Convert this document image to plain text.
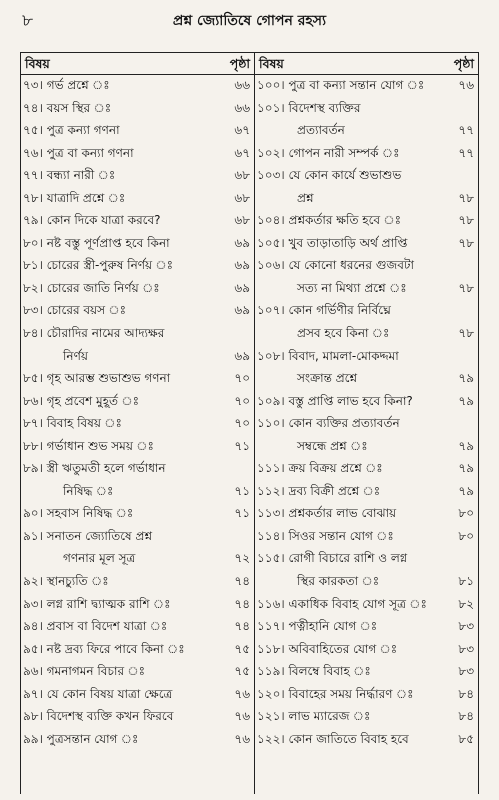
৮	প্রশ্ন জ্যোতিষে গোপন রহস্য
বিষয়	পৃষ্ঠা
৭৩। গর্ভ প্রশ্নে ঃ	৬৬
৭৪। বয়স স্থির ঃ	৬৬
৭৫। পুত্র কন্যা গণনা	৬৭
৭৬। পুত্র বা কন্যা গণনা	৬৭
৭৭। বন্ধ্যা নারী ঃ	৬৮
৭৮। যাত্রাদি প্রশ্নে ঃ	৬৮
৭৯। কোন দিকে যাত্রা করবে?	৬৮
৮০। নষ্ট বস্তু পূর্ণপ্রাপ্ত হবে কিনা	৬৯
৮১। চোরের স্ত্রী-পুরুষ নির্ণয় ঃ	৬৯
৮২। চোরের জাতি নির্ণয় ঃ	৬৯
৮৩। চোরের বয়স ঃ	৬৯
৮৪। চৌরাদির নামের আদ্যক্ষর
নির্ণয়	৬৯
৮৫। গৃহ আরম্ভ শুভাশুভ গণনা	৭০
৮৬। গৃহ প্রবেশ মুহূর্ত ঃ	৭০
৮৭। বিবাহ বিষয় ঃ	৭০
৮৮। গর্ভাধান শুভ সময় ঃ	৭১
৮৯। স্ত্রী ঋতুমতী হলে গর্ভাধান
নিষিদ্ধ ঃ	৭১
৯০। সহবাস নিষিদ্ধ ঃ	৭১
৯১। সনাতন জ্যোতিষে প্রশ্ন
গণনার মূল সূত্র	৭২
৯২। স্থানচ্যুতি ঃ	৭৪
৯৩। লগ্ন রাশি দ্ব্যাত্মক রাশি ঃ	৭৪
৯৪। প্রবাস বা বিদেশ যাত্রা ঃ	৭৪
৯৫। নষ্ট দ্রব্য ফিরে পাবে কিনা ঃ	৭৫
৯৬। গমনাগমন বিচার ঃ	৭৫
৯৭। যে কোন বিষয় যাত্রা ক্ষেত্রে	৭৬
৯৮। বিদেশস্থ ব্যক্তি কখন ফিরবে	৭৬
৯৯। পুত্রসন্তান যোগ ঃ	৭৬
বিষয়	পৃষ্ঠা
১০০। পুত্র বা কন্যা সন্তান যোগ ঃ	৭৬
১০১। বিদেশস্থ ব্যক্তির
প্রত্যাবর্তন	৭৭
১০২। গোপন নারী সম্পর্ক ঃ	৭৭
১০৩। যে কোন কার্যে শুভাশুভ
প্রশ্ন	৭৮
১০৪। প্রশ্নকর্তার ক্ষতি হবে ঃ	৭৮
১০৫। খুব তাড়াতাড়ি অর্থ প্রাপ্তি	৭৮
১০৬। যে কোনো ধরনের গুজবটা
সত্য না মিথ্যা প্রশ্নে ঃ	৭৮
১০৭। কোন গর্ভিণীর নির্বিঘ্নে
প্রসব হবে কিনা ঃ	৭৮
১০৮। বিবাদ, মামলা-মোকদ্দমা
সংক্রান্ত প্রশ্নে	৭৯
১০৯। বস্তু প্রাপ্তি লাভ হবে কিনা?	৭৯
১১০। কোন ব্যক্তির প্রত্যাবর্তন
সম্বন্ধে প্রশ্ন ঃ	৭৯
১১১। ক্রয় বিক্রয় প্রশ্নে ঃ	৭৯
১১২। দ্রব্য বিক্রী প্রশ্নে ঃ	৭৯
১১৩। প্রশ্নকর্তার লাভ বোঝায়	৮০
১১৪। সিওর সন্তান যোগ ঃ	৮০
১১৫। রোগী বিচারে রাশি ও লগ্ন
স্থির কারকতা ঃ	৮১
১১৬। একাধিক বিবাহ যোগ সূত্র ঃ	৮২
১১৭। পত্নীহানি যোগ ঃ	৮৩
১১৮। অবিবাহিতের যোগ ঃ	৮৩
১১৯। বিলম্বে বিবাহ ঃ	৮৩
১২০। বিবাহের সময় নির্দ্ধারণ ঃ	৮৪
১২১। লাভ ম্যারেজ ঃ	৮৪
১২২। কোন জাতিতে বিবাহ হবে	৮৫
